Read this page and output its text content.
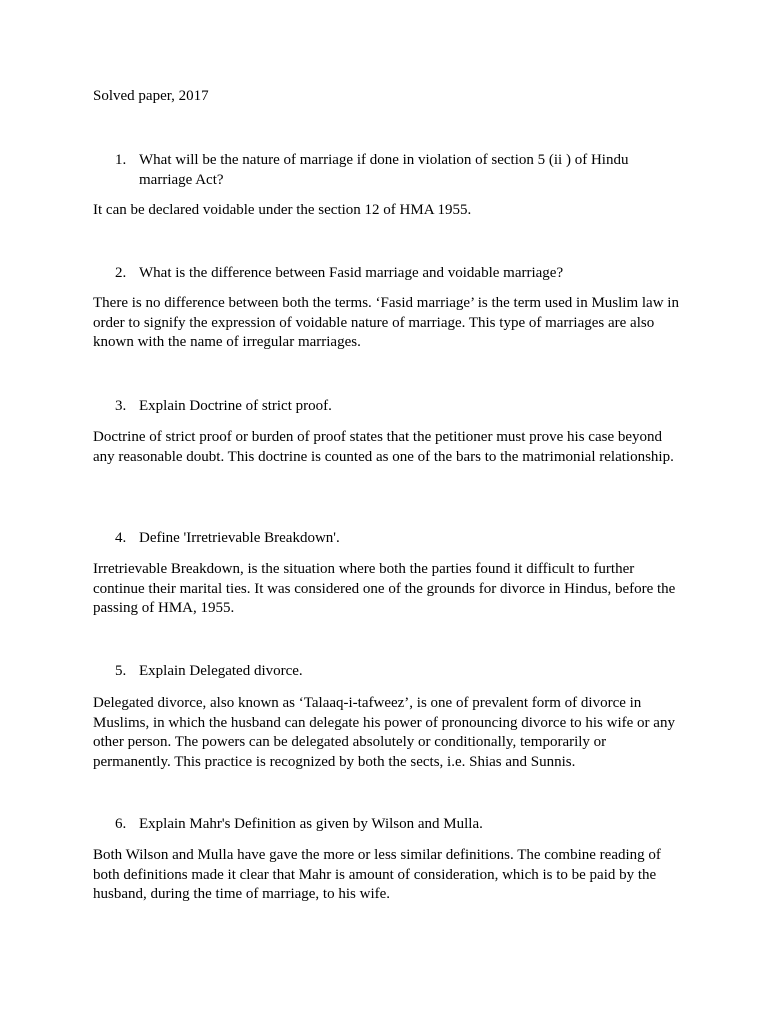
Solved paper, 2017

1. What will be the nature of marriage if done in violation of section 5 (ii ) of Hindu marriage Act?

It can be declared voidable under the section 12 of HMA 1955.

2. What is the difference between Fasid marriage and voidable marriage?

There is no difference between both the terms. ‘Fasid marriage’ is the term used in Muslim law in order to signify the expression of voidable nature of marriage. This type of marriages are also known with the name of irregular marriages.

3. Explain Doctrine of strict proof.

Doctrine of strict proof or burden of proof states that the petitioner must prove his case beyond any reasonable doubt. This doctrine is counted as one of the bars to the matrimonial relationship.

4. Define 'Irretrievable Breakdown'.

Irretrievable Breakdown, is the situation where both the parties found it difficult to further continue their marital ties. It was considered one of the grounds for divorce in Hindus, before the passing of HMA, 1955.

5. Explain Delegated divorce.

Delegated divorce, also known as ‘Talaaq-i-tafweez’, is one of prevalent form of divorce in Muslims, in which the husband can delegate his power of pronouncing divorce to his wife or any other person. The powers can be delegated absolutely or conditionally, temporarily or permanently. This practice is recognized by both the sects, i.e. Shias and Sunnis.

6. Explain Mahr's Definition as given by Wilson and Mulla.

Both Wilson and Mulla have gave the more or less similar definitions. The combine reading of both definitions made it clear that Mahr is amount of consideration, which is to be paid by the husband, during the time of marriage, to his wife.
